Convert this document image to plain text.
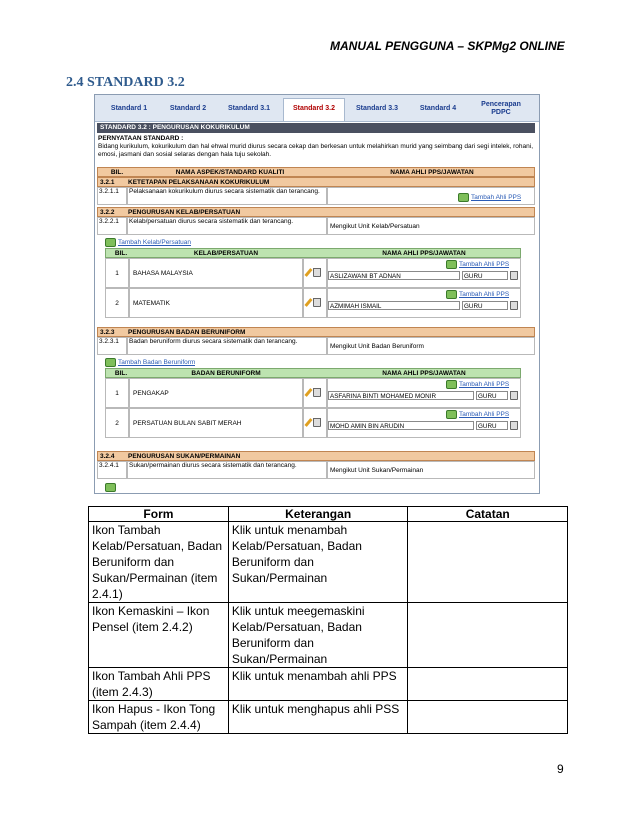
MANUAL PENGGUNA – SKPMg2 ONLINE
2.4 STANDARD 3.2
Standard 1	Standard 2	Standard 3.1	Standard 3.2	Standard 3.3	Standard 4
Pencerapan PDPC
STANDARD 3.2 : PENGURUSAN KOKURIKULUM
PERNYATAAN STANDARD :
Bidang kurikulum, kokurikulum dan hal ehwal murid diurus secara cekap dan berkesan untuk melahirkan murid yang seimbang dari segi intelek, rohani, emosi, jasmani dan sosial selaras dengan hala tuju sekolah.
BIL.	NAMA ASPEK/STANDARD KUALITI	NAMA AHLI PPS/JAWATAN
3.2.1	KETETAPAN PELAKSANAAN KOKURIKULUM
3.2.1.1	Pelaksanaan kokurikulum diurus secara sistematik dan terancang.
Tambah Ahli PPS
3.2.2	PENGURUSAN KELAB/PERSATUAN
3.2.2.1	Kelab/persatuan diurus secara sistematik dan terancang.
Mengikut Unit Kelab/Persatuan
Tambah Kelab/Persatuan
BIL.	KELAB/PERSATUAN	NAMA AHLI PPS/JAWATAN
1	BAHASA MALAYSIA
Tambah Ahli PPS
ASLIZAWANI BT ADNAN	GURU
2	MATEMATIK
Tambah Ahli PPS
AZMIMAH ISMAIL	GURU
3.2.3	PENGURUSAN BADAN BERUNIFORM
3.2.3.1	Badan beruniform diurus secara sistematik dan terancang.
Mengikut Unit Badan Beruniform
Tambah Badan Beruniform
BIL.	BADAN BERUNIFORM	NAMA AHLI PPS/JAWATAN
1	PENGAKAP
Tambah Ahli PPS
ASFARINA BINTI MOHAMED MONIR	GURU
2	PERSATUAN BULAN SABIT MERAH
Tambah Ahli PPS
MOHD AMIN BIN ARUDIN	GURU
3.2.4	PENGURUSAN SUKAN/PERMAINAN
3.2.4.1	Sukan/permainan diurus secara sistematik dan terancang.
Mengikut Unit Sukan/Permainan
Form	Keterangan	Catatan
Ikon Tambah Kelab/Persatuan, Badan Beruniform dan Sukan/Permainan (item 2.4.1)	Klik untuk menambah Kelab/Persatuan, Badan Beruniform dan Sukan/Permainan	
Ikon Kemaskini – Ikon Pensel (item 2.4.2)	Klik untuk meegemaskini Kelab/Persatuan, Badan Beruniform dan Sukan/Permainan	
Ikon Tambah Ahli PPS (item 2.4.3)	Klik untuk menambah ahli PPS	
Ikon Hapus - Ikon Tong Sampah (item 2.4.4)	Klik untuk menghapus ahli PSS	
9
